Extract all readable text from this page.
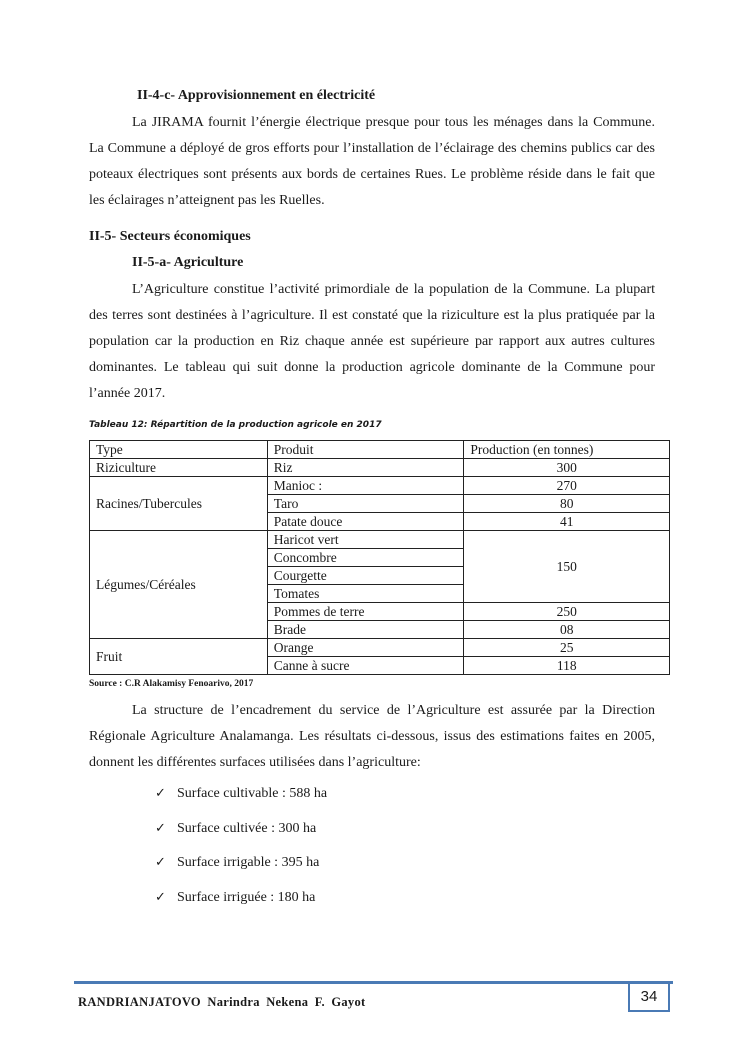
II-4-c- Approvisionnement en électricité

La JIRAMA fournit l’énergie électrique presque pour tous les ménages dans la Commune. La Commune a déployé de gros efforts pour l’installation de l’éclairage des chemins publics car des poteaux électriques sont présents aux bords de certaines Rues. Le problème réside dans le fait que les éclairages n’atteignent pas les Ruelles.

II-5- Secteurs économiques
II-5-a- Agriculture

L’Agriculture constitue l’activité primordiale de la population de la Commune. La plupart des terres sont destinées à l’agriculture. Il est constaté que la riziculture est la plus pratiquée par la population car la production en Riz chaque année est supérieure par rapport aux autres cultures dominantes. Le tableau qui suit donne la production agricole dominante de la Commune pour l’année 2017.

Tableau 12: Répartition de la production agricole en 2017
Type	Produit	Production (en tonnes)
Riziculture	Riz	300
Racines/Tubercules	Manioc :	270
	Taro	80
	Patate douce	41
Légumes/Céréales	Haricot vert	150
	Concombre	
	Courgette	
	Tomates	
	Pommes de terre	250
	Brade	08
Fruit	Orange	25
	Canne à sucre	118
Source : C.R Alakamisy Fenoarivo, 2017

La structure de l’encadrement du service de l’Agriculture est assurée par la Direction Régionale Agriculture Analamanga. Les résultats ci-dessous, issus des estimations faites en 2005, donnent les différentes surfaces utilisées dans l’agriculture:

✓ Surface cultivable : 588 ha
✓ Surface cultivée : 300 ha
✓ Surface irrigable : 395 ha
✓ Surface irriguée : 180 ha
RANDRIANJATOVO Narindra Nekena F. Gayot	34
